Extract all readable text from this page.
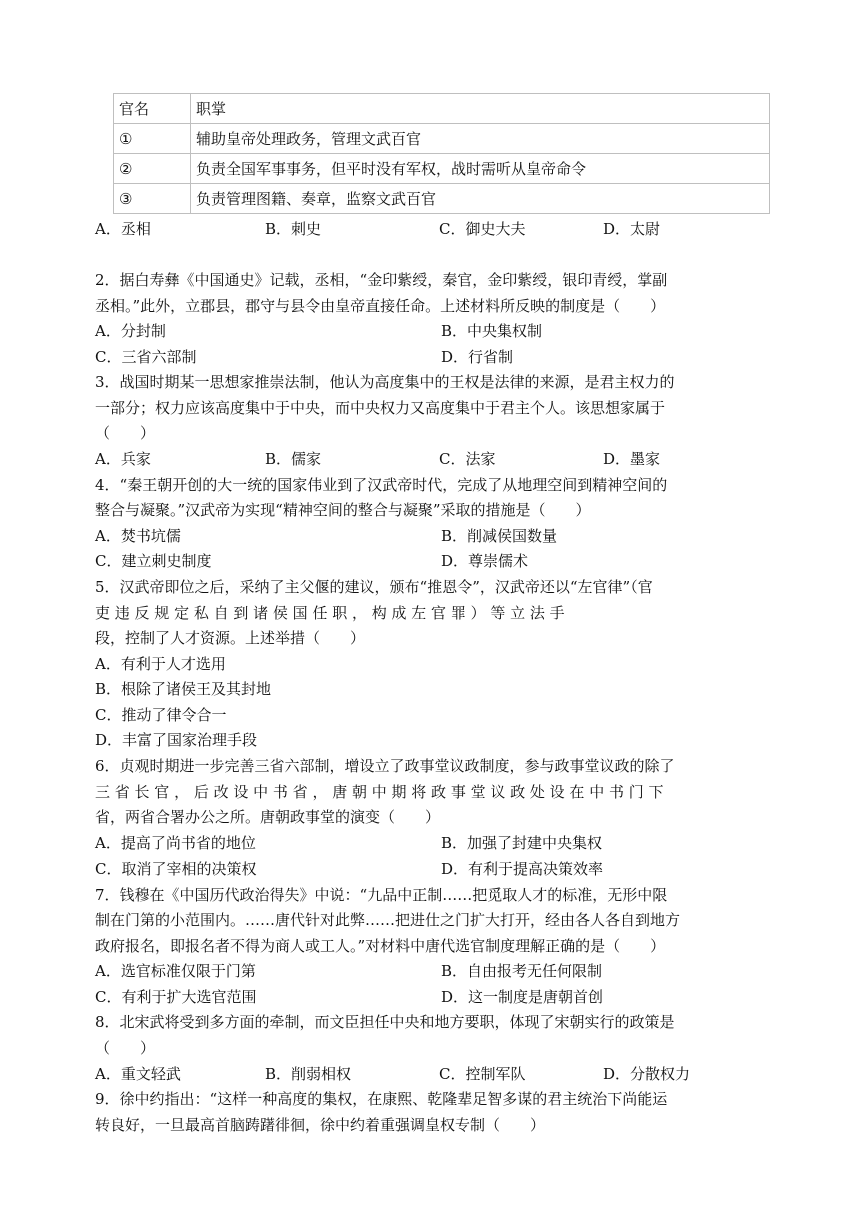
官名	职掌
①	辅助皇帝处理政务，管理文武百官
②	负责全国军事事务，但平时没有军权，战时需听从皇帝命令
③	负责管理图籍、奏章，监察文武百官
A．丞相	B．刺史	C．御史大夫	D．太尉
2．据白寿彝《中国通史》记载，丞相，“金印紫绶，秦官，金印紫绶，银印青绶，掌副
丞相。”此外，立郡县，郡守与县令由皇帝直接任命。上述材料所反映的制度是（　　）
A．分封制	B．中央集权制
C．三省六部制	D．行省制
3．战国时期某一思想家推崇法制，他认为高度集中的王权是法律的来源，是君主权力的
一部分；权力应该高度集中于中央，而中央权力又高度集中于君主个人。该思想家属于
（　　）
A．兵家	B．儒家	C．法家	D．墨家
4．“秦王朝开创的大一统的国家伟业到了汉武帝时代，完成了从地理空间到精神空间的
整合与凝聚。”汉武帝为实现“精神空间的整合与凝聚”采取的措施是（　　）
A．焚书坑儒	B．削减侯国数量
C．建立刺史制度	D．尊崇儒术
5．汉武帝即位之后，采纳了主父偃的建议，颁布“推恩令”，汉武帝还以“左官律”（官
吏 违 反 规 定 私 自 到 诸 侯 国 任 职 ， 构 成 左 官 罪 ） 等 立 法 手
段，控制了人才资源。上述举措（　　）
A．有利于人才选用
B．根除了诸侯王及其封地
C．推动了律令合一
D．丰富了国家治理手段
6．贞观时期进一步完善三省六部制，增设立了政事堂议政制度，参与政事堂议政的除了
三 省 长 官 ， 后 改 设 中 书 省 ， 唐 朝 中 期 将 政 事 堂 议 政 处 设 在 中 书 门 下
省，两省合署办公之所。唐朝政事堂的演变（　　）
A．提高了尚书省的地位	B．加强了封建中央集权
C．取消了宰相的决策权	D．有利于提高决策效率
7．钱穆在《中国历代政治得失》中说：“九品中正制……把觅取人才的标准，无形中限
制在门第的小范围内。……唐代针对此弊……把进仕之门扩大打开，经由各人各自到地方
政府报名，即报名者不得为商人或工人。”对材料中唐代选官制度理解正确的是（　　）
A．选官标准仅限于门第	B．自由报考无任何限制
C．有利于扩大选官范围	D．这一制度是唐朝首创
8．北宋武将受到多方面的牵制，而文臣担任中央和地方要职，体现了宋朝实行的政策是
（　　）
A．重文轻武	B．削弱相权	C．控制军队	D．分散权力
9．徐中约指出：“这样一种高度的集权，在康熙、乾隆辈足智多谋的君主统治下尚能运
转良好，一旦最高首脑踌躇徘徊，徐中约着重强调皇权专制（　　）
